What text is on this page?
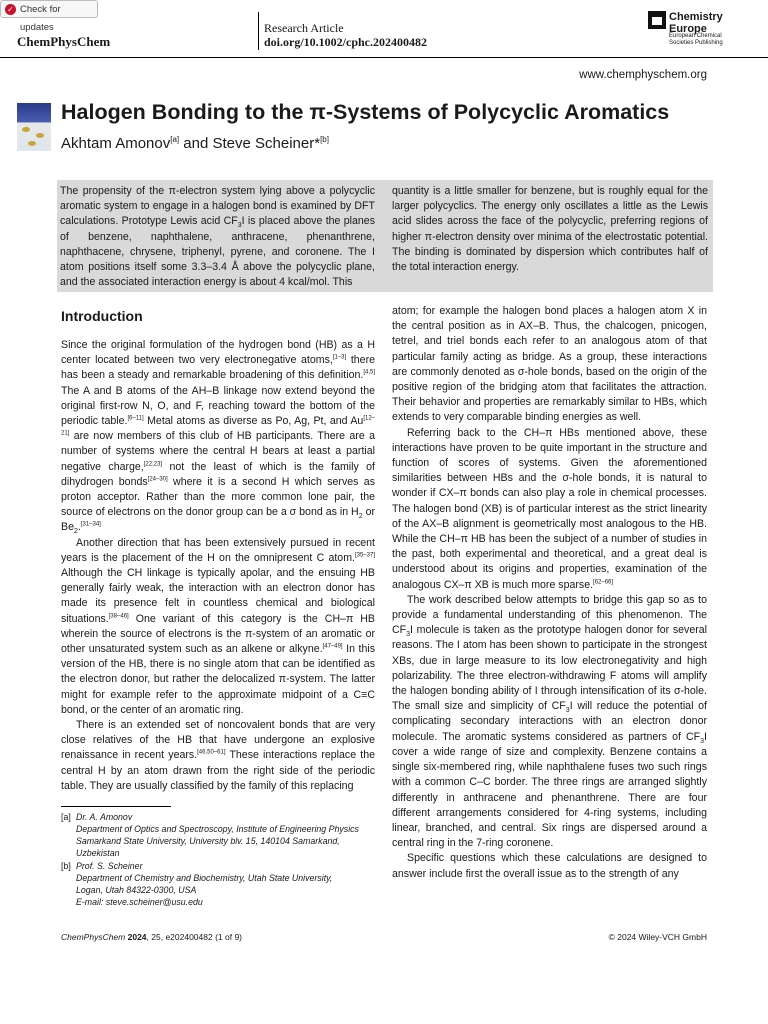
✓ Check for updates
ChemPhysChem
Research Article
doi.org/10.1002/cphc.202400482
Chemistry Europe
European Chemical Societies Publishing
www.chemphyschem.org
Halogen Bonding to the π-Systems of Polycyclic Aromatics
Akhtam Amonov[a] and Steve Scheiner*[b]
The propensity of the π-electron system lying above a polycyclic aromatic system to engage in a halogen bond is examined by DFT calculations. Prototype Lewis acid $CF_3I$ is placed above the planes of benzene, naphthalene, anthracene, phenanthrene, naphthacene, chrysene, triphenyl, pyrene, and coronene. The I atom positions itself some 3.3–3.4 Å above the polycyclic plane, and the associated interaction energy is about 4 kcal/mol. This
quantity is a little smaller for benzene, but is roughly equal for the larger polycyclics. The energy only oscillates a little as the Lewis acid slides across the face of the polycyclic, preferring regions of higher π-electron density over minima of the electrostatic potential. The binding is dominated by dispersion which contributes half of the total interaction energy.
Introduction

Since the original formulation of the hydrogen bond (HB) as a H center located between two very electronegative atoms,[1–3] there has been a steady and remarkable broadening of this definition.[4,5] The A and B atoms of the AH–B linkage now extend beyond the original first-row N, O, and F, reaching toward the bottom of the periodic table.[6–11] Metal atoms as diverse as Po, Ag, Pt, and Au[12–21] are now members of this club of HB participants. There are a number of systems where the central H bears at least a partial negative charge,[22,23] not the least of which is the family of dihydrogen bonds[24–30] where it is a second H which serves as proton acceptor. Rather than the more common lone pair, the source of electrons on the donor group can be a σ bond as in $H_2$ or $Be_2.[31-34]$

Another direction that has been extensively pursued in recent years is the placement of the H on the omnipresent C atom.[35–37] Although the CH linkage is typically apolar, and the ensuing HB generally fairly weak, the interaction with an electron donor has made its presence felt in countless chemical and biological situations.[38–46] One variant of this category is the CH–π HB wherein the source of electrons is the π-system of an aromatic or other unsaturated system such as an alkene or alkyne.[47–49] In this version of the HB, there is no single atom that can be identified as the electron donor, but rather the delocalized π-system. The latter might for example refer to the approximate midpoint of a C≡C bond, or the center of an aromatic ring.

There is an extended set of noncovalent bonds that are very close relatives of the HB that have undergone an explosive renaissance in recent years.[46,50–61] These interactions replace the central H by an atom drawn from the right side of the periodic table. They are usually classified by the family of this replacing

atom; for example the halogen bond places a halogen atom X in the central position as in AX–B. Thus, the chalcogen, pnicogen, tetrel, and triel bonds each refer to an analogous atom of that particular family acting as bridge. As a group, these interactions are commonly denoted as σ-hole bonds, based on the origin of the positive region of the bridging atom that facilitates the attraction. Their behavior and properties are remarkably similar to HBs, which extends to very comparable binding energies as well.

Referring back to the CH–π HBs mentioned above, these interactions have proven to be quite important in the structure and function of scores of systems. Given the aforementioned similarities between HBs and the σ-hole bonds, it is natural to wonder if CX–π bonds can also play a role in chemical processes. The halogen bond (XB) is of particular interest as the strict linearity of the AX–B alignment is geometrically most analogous to the HB. While the CH–π HB has been the subject of a number of studies in the past, both experimental and theoretical, and a great deal is understood about its origins and properties, examination of the analogous CX–π XB is much more sparse.[62–66]

The work described below attempts to bridge this gap so as to provide a fundamental understanding of this phenomenon. The $CF_3I$ molecule is taken as the prototype halogen donor for several reasons. The I atom has been shown to participate in the strongest XBs, due in large measure to its low electronegativity and high polarizability. The three electron-withdrawing F atoms will amplify the halogen bonding ability of I through intensification of its σ-hole. The small size and simplicity of $CF_3I$ will reduce the potential of complicating secondary interactions with an electron donor molecule. The aromatic systems considered as partners of $CF_3I$ cover a wide range of size and complexity. Benzene contains a single six-membered ring, while naphthalene fuses two such rings with a common C–C border. The three rings are arranged slightly differently in anthracene and phenanthrene. There are four different arrangements considered for 4-ring systems, including linear, branched, and central. Six rings are dispersed around a central ring in the 7-ring coronene.

Specific questions which these calculations are designed to answer include first the overall issue as to the strength of any

[a] Dr. A. Amonov
Department of Optics and Spectroscopy, Institute of Engineering Physics Samarkand State University, University blv. 15, 140104 Samarkand, Uzbekistan
[b] Prof. S. Scheiner
Department of Chemistry and Biochemistry, Utah State University, Logan, Utah 84322-0300, USA
E-mail: steve.scheiner@usu.edu
ChemPhysChem 2024, 25, e202400482 (1 of 9)	© 2024 Wiley-VCH GmbH
